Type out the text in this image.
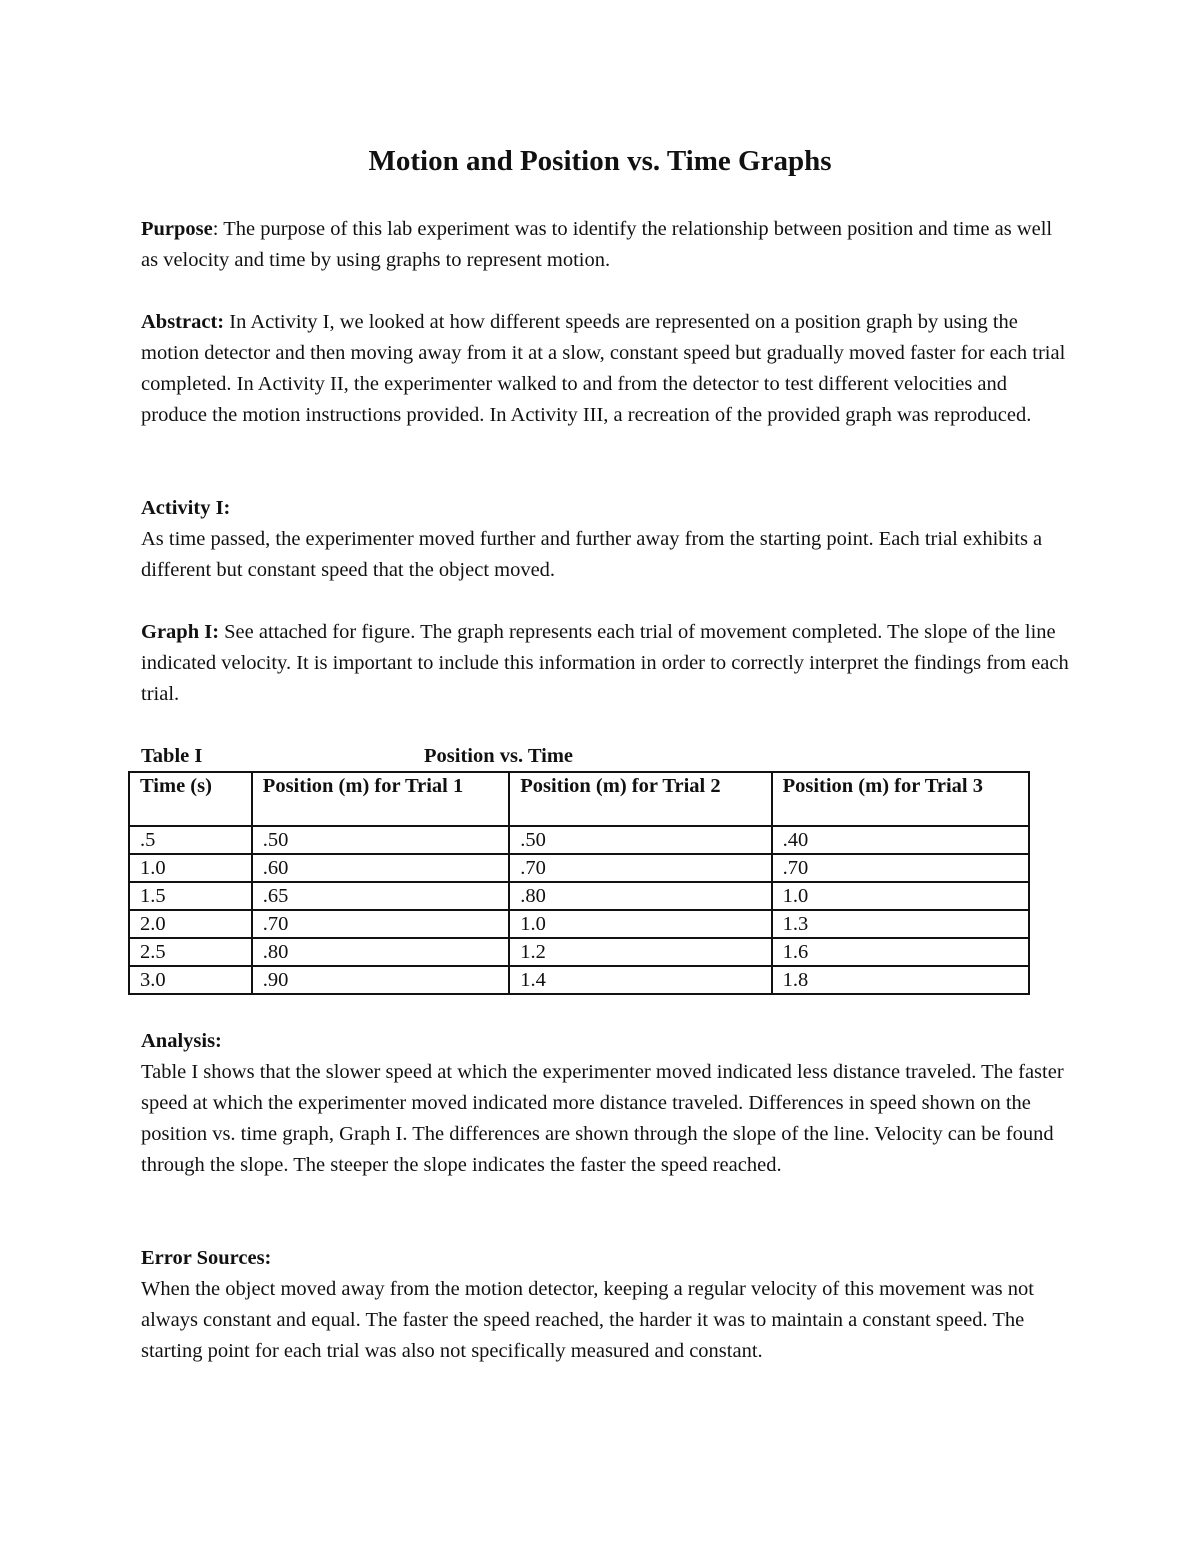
Motion and Position vs. Time Graphs
Purpose: The purpose of this lab experiment was to identify the relationship between position and time as well as velocity and time by using graphs to represent motion.
Abstract: In Activity I, we looked at how different speeds are represented on a position graph by using the motion detector and then moving away from it at a slow, constant speed but gradually moved faster for each trial completed. In Activity II, the experimenter walked to and from the detector to test different velocities and produce the motion instructions provided. In Activity III, a recreation of the provided graph was reproduced.
Activity I:
As time passed, the experimenter moved further and further away from the starting point. Each trial exhibits a different but constant speed that the object moved.
Graph I: See attached for figure. The graph represents each trial of movement completed. The slope of the line indicated velocity. It is important to include this information in order to correctly interpret the findings from each trial.
Table I	Position vs. Time
Time (s)	Position (m) for Trial 1	Position (m) for Trial 2	Position (m) for Trial 3
.5	.50	.50	.40
1.0	.60	.70	.70
1.5	.65	.80	1.0
2.0	.70	1.0	1.3
2.5	.80	1.2	1.6
3.0	.90	1.4	1.8
Analysis:
Table I shows that the slower speed at which the experimenter moved indicated less distance traveled. The faster speed at which the experimenter moved indicated more distance traveled. Differences in speed shown on the position vs. time graph, Graph I. The differences are shown through the slope of the line. Velocity can be found through the slope. The steeper the slope indicates the faster the speed reached.
Error Sources:
When the object moved away from the motion detector, keeping a regular velocity of this movement was not always constant and equal. The faster the speed reached, the harder it was to maintain a constant speed. The starting point for each trial was also not specifically measured and constant.
